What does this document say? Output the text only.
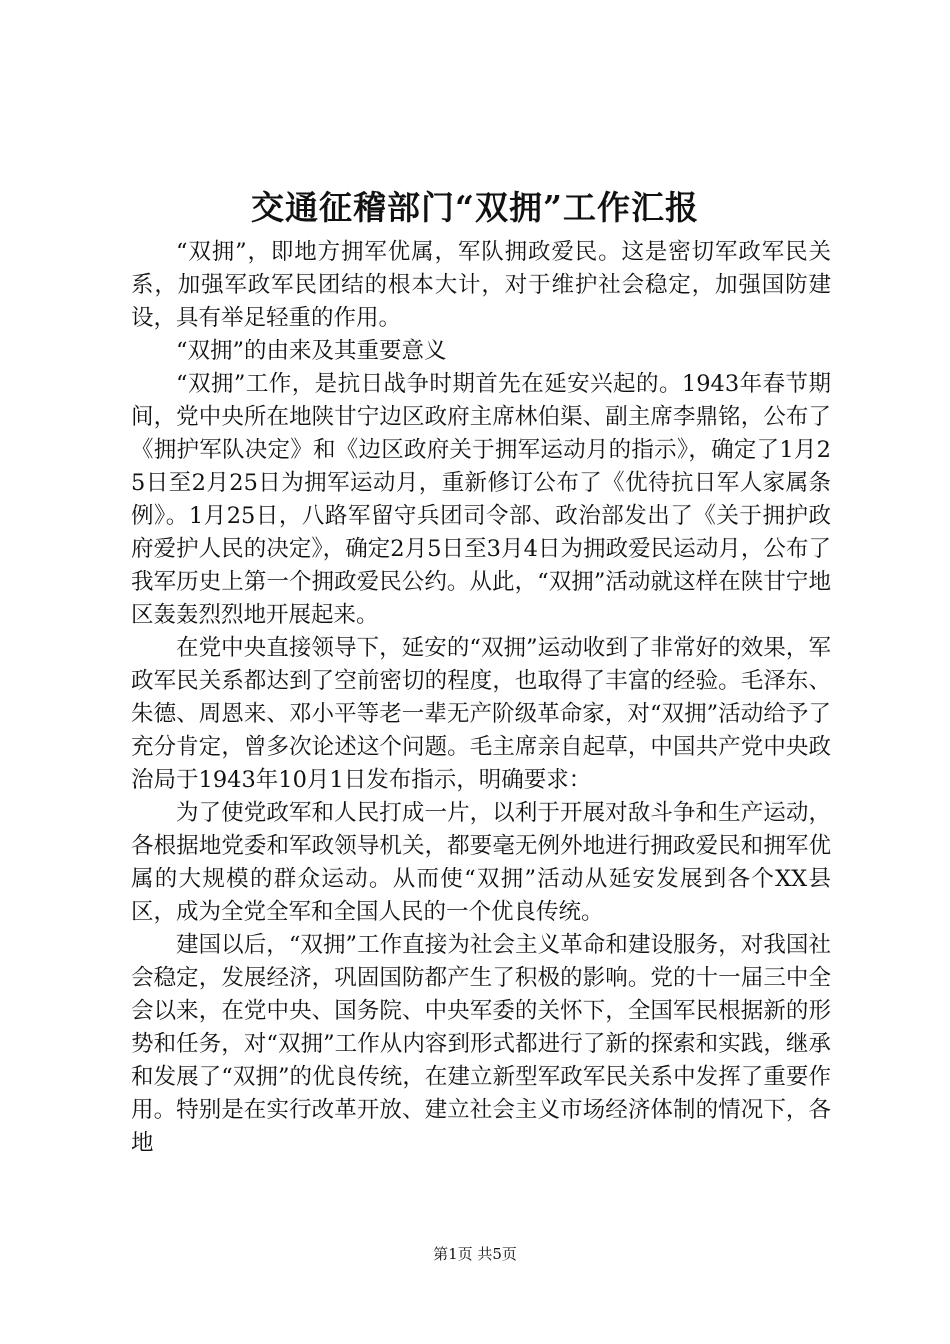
交通征稽部门“双拥”工作汇报

“双拥”，即地方拥军优属，军队拥政爱民。这是密切军政军民关系，加强军政军民团结的根本大计，对于维护社会稳定，加强国防建设，具有举足轻重的作用。

“双拥”的由来及其重要意义

“双拥”工作，是抗日战争时期首先在延安兴起的。1943年春节期间，党中央所在地陕甘宁边区政府主席林伯渠、副主席李鼎铭，公布了《拥护军队决定》和《边区政府关于拥军运动月的指示》，确定了1月25日至2月25日为拥军运动月，重新修订公布了《优待抗日军人家属条例》。1月25日，八路军留守兵团司令部、政治部发出了《关于拥护政府爱护人民的决定》，确定2月5日至3月4日为拥政爱民运动月，公布了我军历史上第一个拥政爱民公约。从此，“双拥”活动就这样在陕甘宁地区轰轰烈烈地开展起来。

在党中央直接领导下，延安的“双拥”运动收到了非常好的效果，军政军民关系都达到了空前密切的程度，也取得了丰富的经验。毛泽东、朱德、周恩来、邓小平等老一辈无产阶级革命家，对“双拥”活动给予了充分肯定，曾多次论述这个问题。毛主席亲自起草，中国共产党中央政治局于1943年10月1日发布指示，明确要求：

为了使党政军和人民打成一片，以利于开展对敌斗争和生产运动，各根据地党委和军政领导机关，都要毫无例外地进行拥政爱民和拥军优属的大规模的群众运动。从而使“双拥”活动从延安发展到各个XX县区，成为全党全军和全国人民的一个优良传统。

建国以后，“双拥”工作直接为社会主义革命和建设服务，对我国社会稳定，发展经济，巩固国防都产生了积极的影响。党的十一届三中全会以来，在党中央、国务院、中央军委的关怀下，全国军民根据新的形势和任务，对“双拥”工作从内容到形式都进行了新的探索和实践，继承和发展了“双拥”的优良传统，在建立新型军政军民关系中发挥了重要作用。特别是在实行改革开放、建立社会主义市场经济体制的情况下，各地

第1页 共5页
